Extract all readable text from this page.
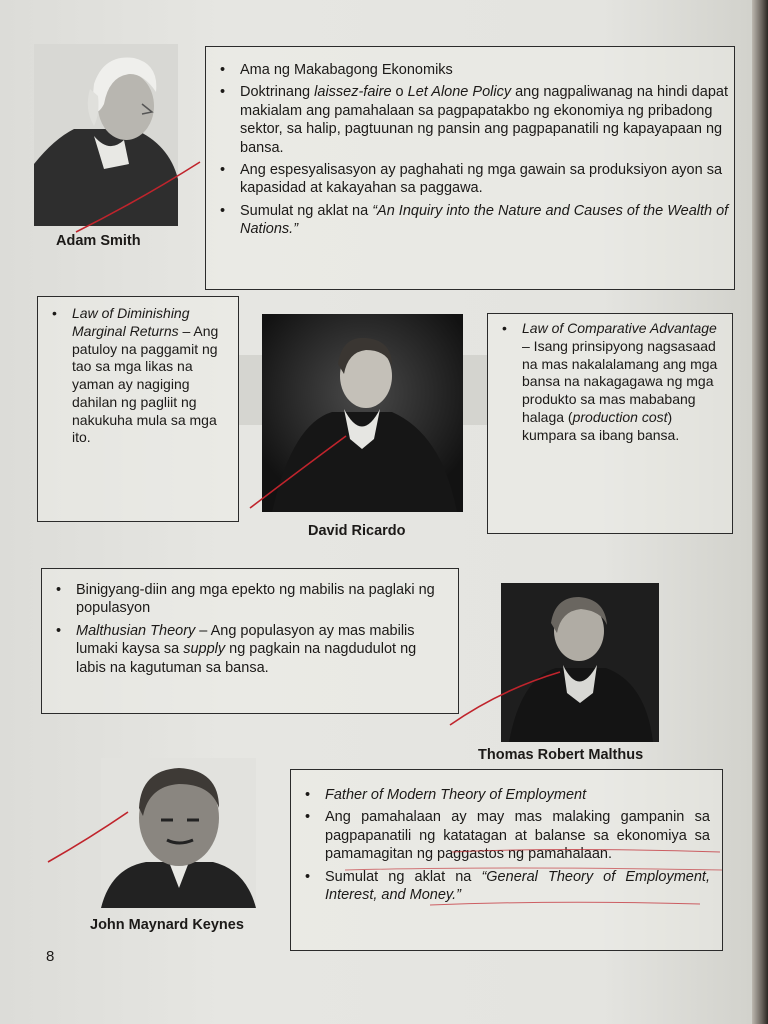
Adam Smith
• Ama ng Makabagong Ekonomiks
• Doktrinang laissez-faire o Let Alone Policy ang nagpaliwanag na hindi dapat makialam ang pamahalaan sa pagpapatakbo ng ekonomiya ng pribadong sektor, sa halip, pagtuunan ng pansin ang pagpapanatili ng kapayapaan ng bansa.
• Ang espesyalisasyon ay paghahati ng mga gawain sa produksiyon ayon sa kapasidad at kakayahan sa paggawa.
• Sumulat ng aklat na “An Inquiry into the Nature and Causes of the Wealth of Nations.”
• Law of Diminishing Marginal Returns – Ang patuloy na paggamit ng tao sa mga likas na yaman ay nagiging dahilan ng pagliit ng nakukuha mula sa mga ito.
David Ricardo
• Law of Comparative Advantage – Isang prinsipyong nagsasaad na mas nakalalamang ang mga bansa na nakagagawa ng mga produkto sa mas mababang halaga (production cost) kumpara sa ibang bansa.
• Binigyang-diin ang mga epekto ng mabilis na paglaki ng populasyon
• Malthusian Theory – Ang populasyon ay mas mabilis lumaki kaysa sa supply ng pagkain na nagdudulot ng labis na kagutuman sa bansa.
Thomas Robert Malthus
John Maynard Keynes
• Father of Modern Theory of Employment
• Ang pamahalaan ay may mas malaking gampanin sa pagpapanatili ng katatagan at balanse sa ekonomiya sa pamamagitan ng paggastos ng pamahalaan.
• Sumulat ng aklat na “General Theory of Employment, Interest, and Money.”
8
